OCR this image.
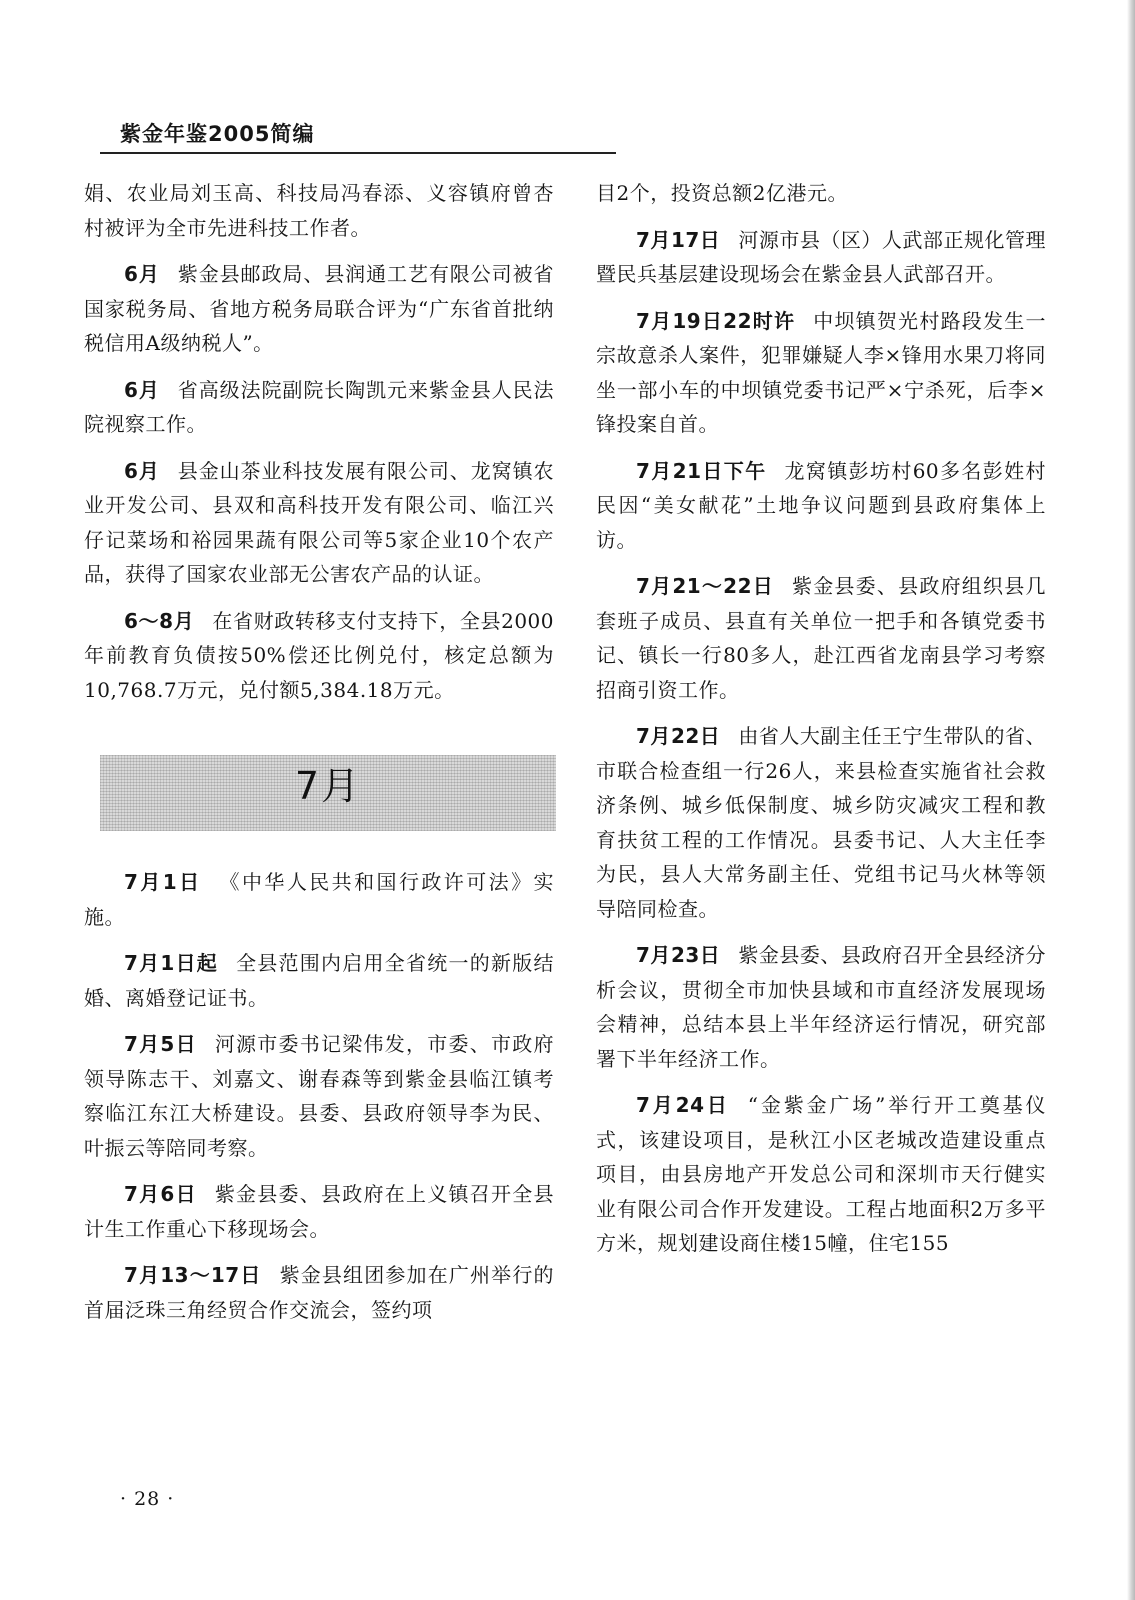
紫金年鉴2005简编

娟、农业局刘玉高、科技局冯春添、义容镇府曾杏村被评为全市先进科技工作者。

6月 紫金县邮政局、县润通工艺有限公司被省国家税务局、省地方税务局联合评为“广东省首批纳税信用A级纳税人”。

6月 省高级法院副院长陶凯元来紫金县人民法院视察工作。

6月 县金山茶业科技发展有限公司、龙窝镇农业开发公司、县双和高科技开发有限公司、临江兴仔记菜场和裕园果蔬有限公司等5家企业10个农产品，获得了国家农业部无公害农产品的认证。

6～8月 在省财政转移支付支持下，全县2000年前教育负债按50%偿还比例兑付，核定总额为10,768.7万元，兑付额5,384.18万元。

7月

7月1日 《中华人民共和国行政许可法》实施。

7月1日起 全县范围内启用全省统一的新版结婚、离婚登记证书。

7月5日 河源市委书记梁伟发，市委、市政府领导陈志干、刘嘉文、谢春森等到紫金县临江镇考察临江东江大桥建设。县委、县政府领导李为民、叶振云等陪同考察。

7月6日 紫金县委、县政府在上义镇召开全县计生工作重心下移现场会。

7月13～17日 紫金县组团参加在广州举行的首届泛珠三角经贸合作交流会，签约项

目2个，投资总额2亿港元。

7月17日 河源市县（区）人武部正规化管理暨民兵基层建设现场会在紫金县人武部召开。

7月19日22时许 中坝镇贺光村路段发生一宗故意杀人案件，犯罪嫌疑人李×锋用水果刀将同坐一部小车的中坝镇党委书记严×宁杀死，后李×锋投案自首。

7月21日下午 龙窝镇彭坊村60多名彭姓村民因“美女献花”土地争议问题到县政府集体上访。

7月21～22日 紫金县委、县政府组织县几套班子成员、县直有关单位一把手和各镇党委书记、镇长一行80多人，赴江西省龙南县学习考察招商引资工作。

7月22日 由省人大副主任王宁生带队的省、市联合检查组一行26人，来县检查实施省社会救济条例、城乡低保制度、城乡防灾减灾工程和教育扶贫工程的工作情况。县委书记、人大主任李为民，县人大常务副主任、党组书记马火林等领导陪同检查。

7月23日 紫金县委、县政府召开全县经济分析会议，贯彻全市加快县域和市直经济发展现场会精神，总结本县上半年经济运行情况，研究部署下半年经济工作。

7月24日 “金紫金广场”举行开工奠基仪式，该建设项目，是秋江小区老城改造建设重点项目，由县房地产开发总公司和深圳市天行健实业有限公司合作开发建设。工程占地面积2万多平方米，规划建设商住楼15幢，住宅155

· 28 ·
